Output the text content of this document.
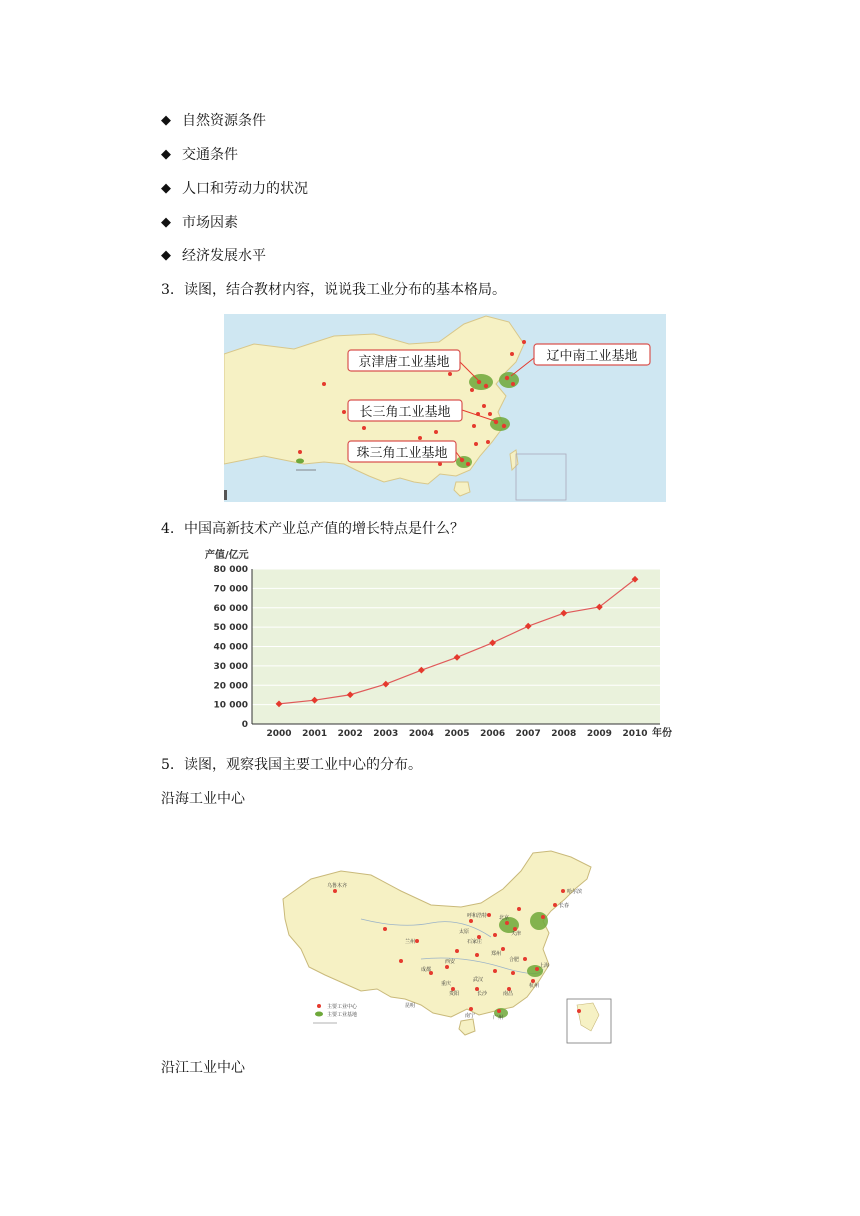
◆ 自然资源条件
◆ 交通条件
◆ 人口和劳动力的状况
◆ 市场因素
◆ 经济发展水平
3. 读图，结合教材内容，说说我工业分布的基本格局。
京津唐工业基地	辽中南工业基地
长三角工业基地
珠三角工业基地
4. 中国高新技术产业总产值的增长特点是什么？
0
10 000
20 000
30 000
40 000
50 000
60 000
70 000
80 000
2000 2001 2002 2003 2004 2005 2006 2007 2008 2009 2010
产值/亿元
年份
5. 读图，观察我国主要工业中心的分布。
沿海工业中心
哈尔滨
长春
北京
天津
石家庄
太原
呼和浩特
乌鲁木齐
兰州
西安
郑州
成都
重庆
武汉
合肥
上海
杭州
长沙	南昌
昆明
贵阳
南宁	广州
主要工业中心
主要工业基地
沿江工业中心
